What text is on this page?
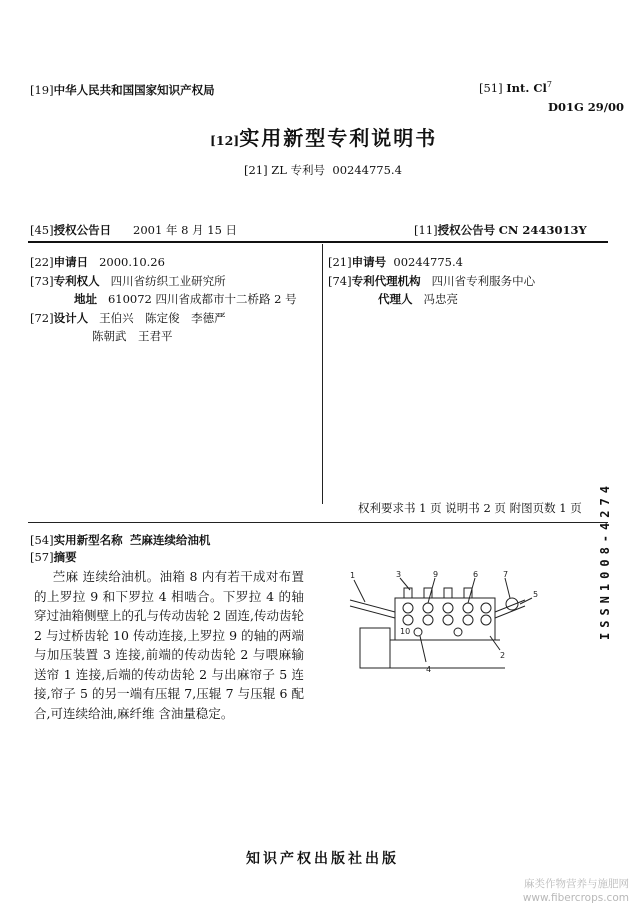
[19]中华人民共和国国家知识产权局	[51] Int. Cl$^7$
D01G 29/00
[12]实用新型专利说明书
[21] ZL 专利号 00244775.4
[45]授权公告日 2001 年 8 月 15 日	[11]授权公告号 CN 2443013Y
[22]申请日 2000.10.26
[73]专利权人 四川省纺织工业研究所
地址 610072 四川省成都市十二桥路 2 号
[72]设计人 王伯兴　陈定俊　李德严
陈朝武　王君平
[21]申请号 00244775.4
[74]专利代理机构 四川省专利服务中心
代理人 冯忠亮
权利要求书 1 页 说明书 2 页 附图页数 1 页
[54]实用新型名称 苎麻连续给油机
[57]摘要
苎麻 连续给油机。油箱 8 内有若干成对布置的上罗拉 9 和下罗拉 4 相啮合。下罗拉 4 的轴穿过油箱侧壁上的孔与传动齿轮 2 固连,传动齿轮 2 与过桥齿轮 10 传动连接,上罗拉 9 的轴的两端与加压装置 3 连接,前端的传动齿轮 2 与喂麻输送帘 1 连接,后端的传动齿轮 2 与出麻帘子 5 连接,帘子 5 的另一端有压辊 7,压辊 7 与压辊 6 配合,可连续给油,麻纤维 含油量稳定。
1	3	9	6	7
5
10
4
2
ISSN1008-4274
知识产权出版社出版
麻类作物营养与施肥网
www.fibercrops.com
